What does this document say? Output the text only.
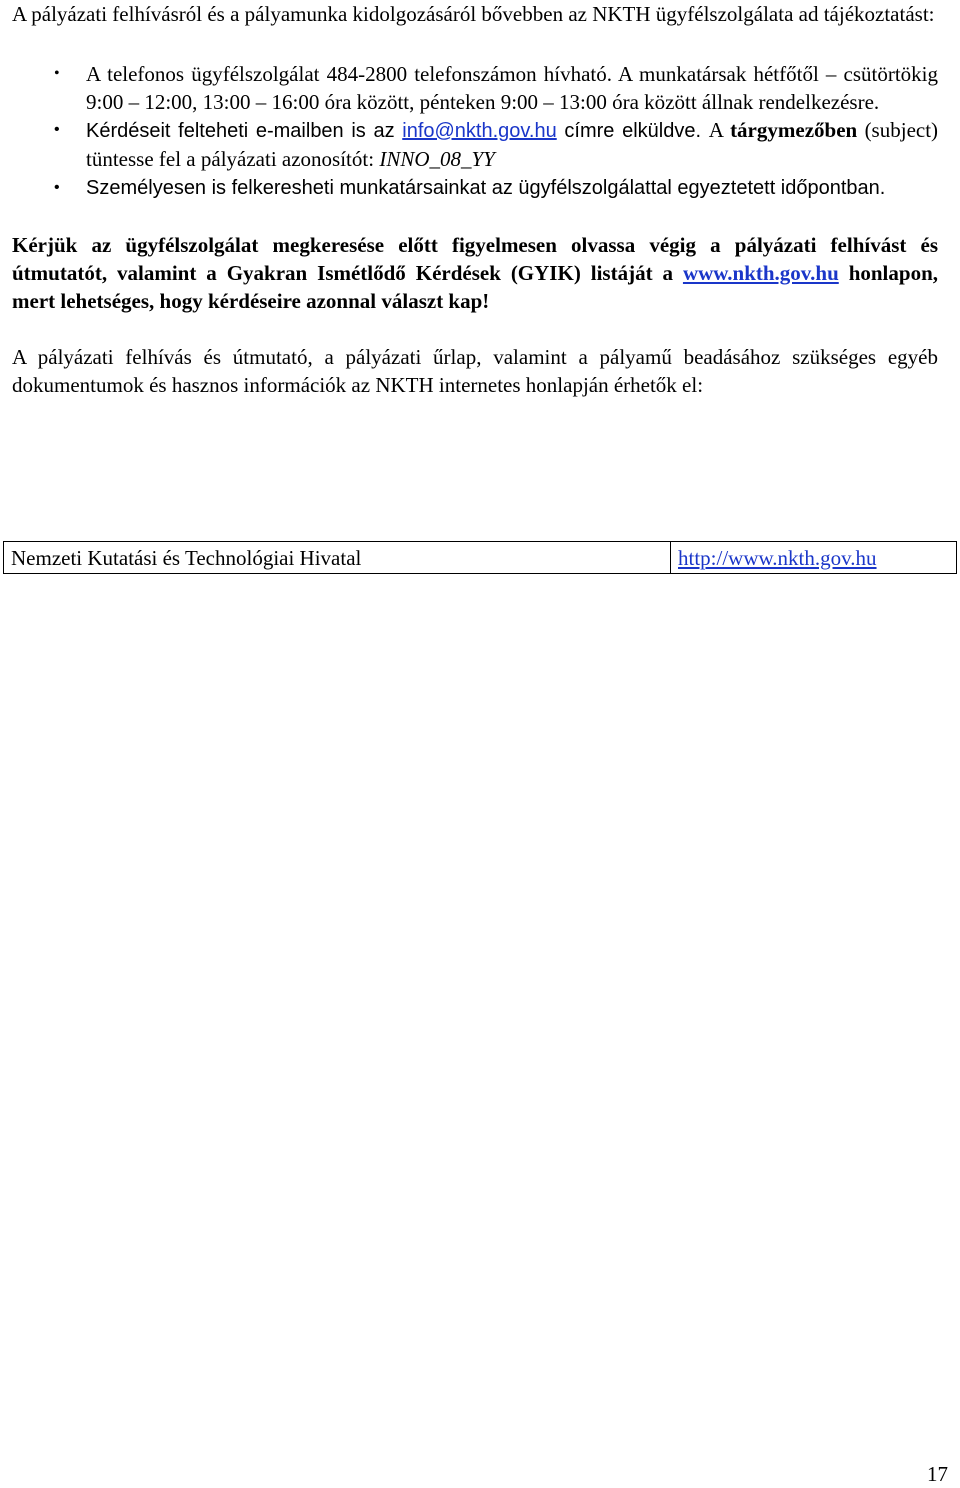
A pályázati felhívásról és a pályamunka kidolgozásáról bővebben az NKTH ügyfélszolgálata ad tájékoztatást:

• A telefonos ügyfélszolgálat 484-2800 telefonszámon hívható. A munkatársak hétfőtől – csütörtökig 9:00 – 12:00, 13:00 – 16:00 óra között, pénteken 9:00 – 13:00 óra között állnak rendelkezésre.
• Kérdéseit felteheti e-mailben is az info@nkth.gov.hu címre elküldve. A tárgymezőben (subject) tüntesse fel a pályázati azonosítót: INNO_08_YY
• Személyesen is felkeresheti munkatársainkat az ügyfélszolgálattal egyeztetett időpontban.

Kérjük az ügyfélszolgálat megkeresése előtt figyelmesen olvassa végig a pályázati felhívást és útmutatót, valamint a Gyakran Ismétlődő Kérdések (GYIK) listáját a www.nkth.gov.hu honlapon, mert lehetséges, hogy kérdéseire azonnal választ kap!

A pályázati felhívás és útmutató, a pályázati űrlap, valamint a pályamű beadásához szükséges egyéb dokumentumok és hasznos információk az NKTH internetes honlapján érhetők el:

Nemzeti Kutatási és Technológiai Hivatal	http://www.nkth.gov.hu
17
